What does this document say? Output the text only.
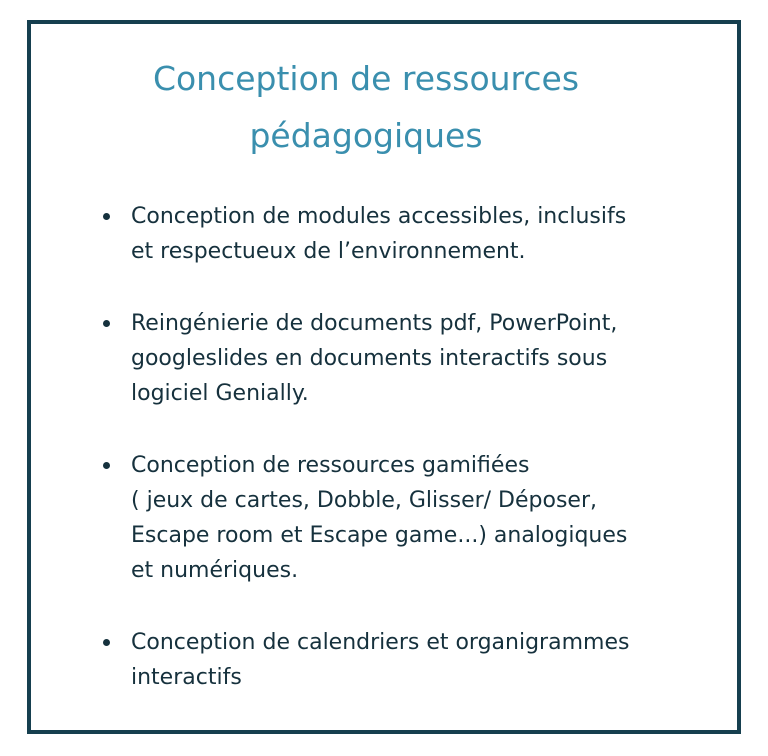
Conception de ressources
pédagogiques
Conception de modules accessibles, inclusifs
et respectueux de l’environnement.
Reingénierie de documents pdf, PowerPoint,
googleslides en documents interactifs sous
logiciel Genially.
Conception de ressources gamifiées
( jeux de cartes, Dobble, Glisser/ Déposer,
Escape room et Escape game...) analogiques
et numériques.
Conception de calendriers et organigrammes
interactifs
